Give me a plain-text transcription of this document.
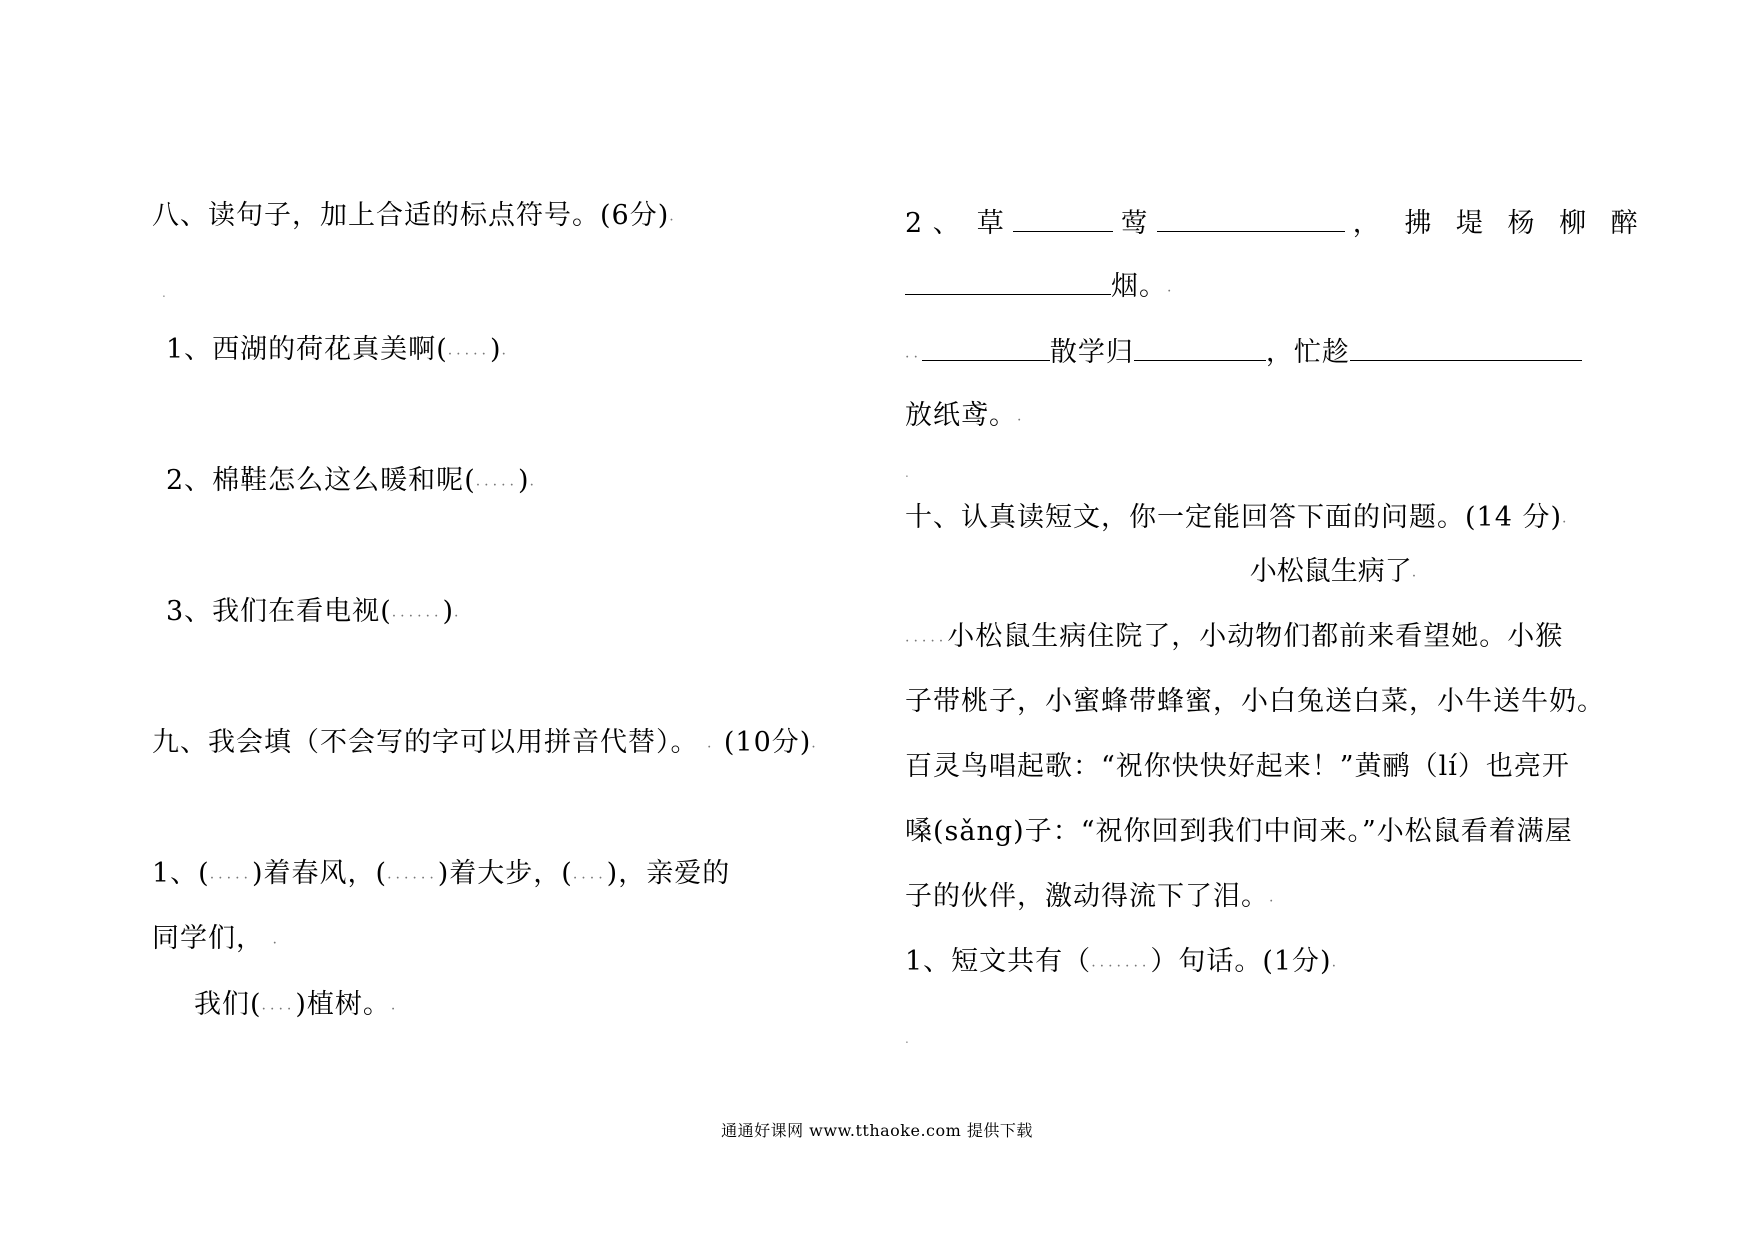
八、读句子，加上合适的标点符号。(6分).
.
1、西湖的荷花真美啊(.....).
2、棉鞋怎么这么暖和呢(.....).
3、我们在看电视(......).
九、我会填（不会写的字可以用拼音代替）。 . (10分).
1、(.....)着春风，(......)着大步，(....)，亲爱的
同学们， .
我们(....)植树。.
2 、 草	莺	， 拂 堤 杨 柳 醉
烟。.
..	散学归	，忙趁
放纸鸢。.
.
十、认真读短文，你一定能回答下面的问题。(14 分).
小松鼠生病了.
.....小松鼠生病住院了，小动物们都前来看望她。小猴
子带桃子，小蜜蜂带蜂蜜，小白兔送白菜，小牛送牛奶。
百灵鸟唱起歌：“祝你快快好起来！”黄鹂（lí）也亮开
嗓(sǎng)子：“祝你回到我们中间来。”小松鼠看着满屋
子的伙伴，激动得流下了泪。.
1、短文共有（.......）句话。(1分).
.
通通好课网 www.tthaoke.com 提供下载
